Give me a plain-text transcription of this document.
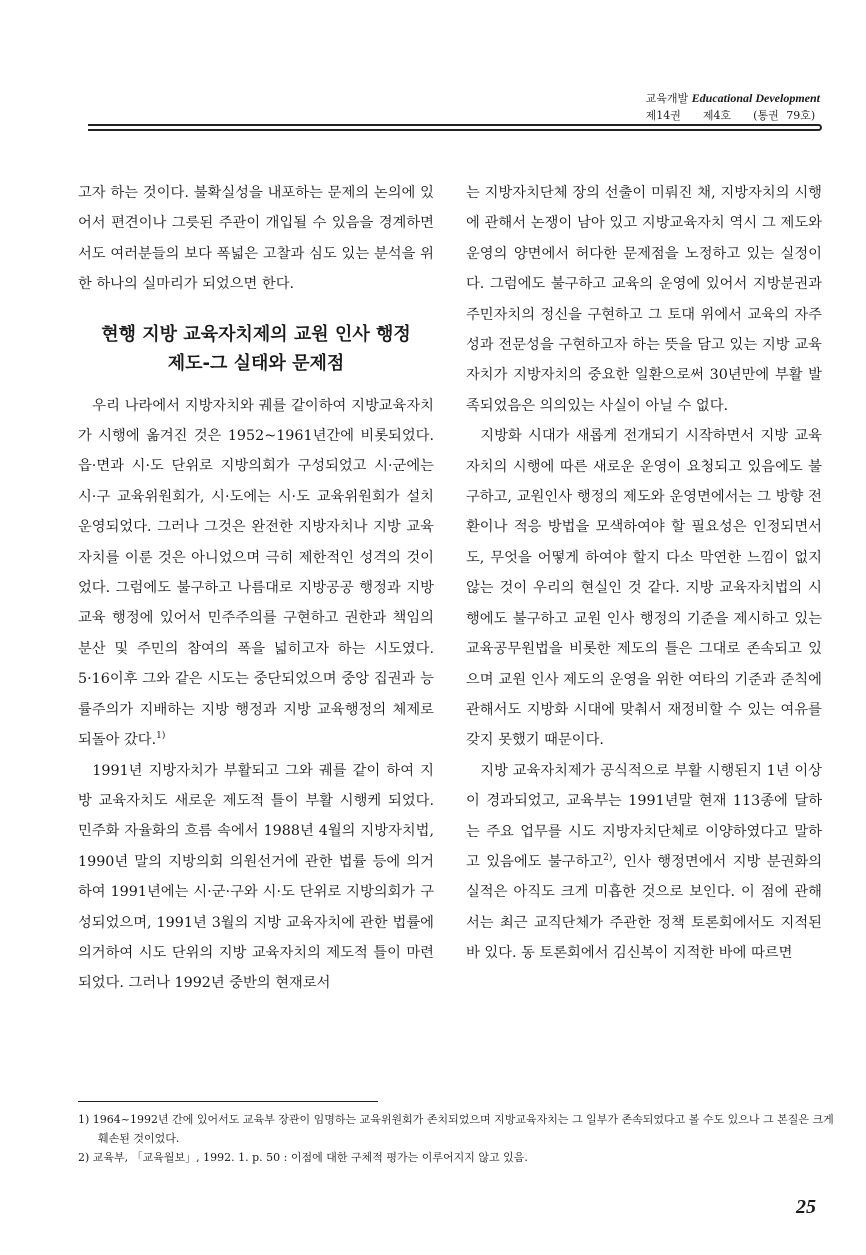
교육개발 Educational Development
제14권 제4호 (통권 79호)

고자 하는 것이다. 불확실성을 내포하는 문제의 논의에 있어서 편견이나 그릇된 주관이 개입될 수 있음을 경계하면서도 여러분들의 보다 폭넓은 고찰과 심도 있는 분석을 위한 하나의 실마리가 되었으면 한다.

현행 지방 교육자치제의 교원 인사 행정
제도-그 실태와 문제점

우리 나라에서 지방자치와 궤를 같이하여 지방교육자치가 시행에 옮겨진 것은 1952~1961년간에 비롯되었다. 읍·면과 시·도 단위로 지방의회가 구성되었고 시·군에는 시·구 교육위원회가, 시·도에는 시·도 교육위원회가 설치 운영되었다. 그러나 그것은 완전한 지방자치나 지방 교육자치를 이룬 것은 아니었으며 극히 제한적인 성격의 것이었다. 그럼에도 불구하고 나름대로 지방공공 행정과 지방 교육 행정에 있어서 민주주의를 구현하고 권한과 책임의 분산 및 주민의 참여의 폭을 넓히고자 하는 시도였다. 5·16이후 그와 같은 시도는 중단되었으며 중앙 집권과 능률주의가 지배하는 지방 행정과 지방 교육행정의 체제로 되돌아 갔다.$^{1)}$

1991년 지방자치가 부활되고 그와 궤를 같이 하여 지방 교육자치도 새로운 제도적 틀이 부활 시행케 되었다. 민주화 자율화의 흐름 속에서 1988년 4월의 지방자치법, 1990년 말의 지방의회 의원선거에 관한 법률 등에 의거하여 1991년에는 시·군·구와 시·도 단위로 지방의회가 구성되었으며, 1991년 3월의 지방 교육자치에 관한 법률에 의거하여 시도 단위의 지방 교육자치의 제도적 틀이 마련되었다. 그러나 1992년 중반의 현재로서

는 지방자치단체 장의 선출이 미뤄진 채, 지방자치의 시행에 관해서 논쟁이 남아 있고 지방교육자치 역시 그 제도와 운영의 양면에서 허다한 문제점을 노정하고 있는 실정이다. 그럼에도 불구하고 교육의 운영에 있어서 지방분권과 주민자치의 정신을 구현하고 그 토대 위에서 교육의 자주성과 전문성을 구현하고자 하는 뜻을 담고 있는 지방 교육자치가 지방자치의 중요한 일환으로써 30년만에 부활 발족되었음은 의의있는 사실이 아닐 수 없다.

지방화 시대가 새롭게 전개되기 시작하면서 지방 교육 자치의 시행에 따른 새로운 운영이 요청되고 있음에도 불구하고, 교원인사 행정의 제도와 운영면에서는 그 방향 전환이나 적응 방법을 모색하여야 할 필요성은 인정되면서도, 무엇을 어떻게 하여야 할지 다소 막연한 느낌이 없지 않는 것이 우리의 현실인 것 같다. 지방 교육자치법의 시행에도 불구하고 교원 인사 행정의 기준을 제시하고 있는 교육공무원법을 비롯한 제도의 틀은 그대로 존속되고 있으며 교원 인사 제도의 운영을 위한 여타의 기준과 준칙에 관해서도 지방화 시대에 맞춰서 재정비할 수 있는 여유를 갖지 못했기 때문이다.

지방 교육자치제가 공식적으로 부활 시행된지 1년 이상이 경과되었고, 교육부는 1991년말 현재 113종에 달하는 주요 업무를 시도 지방자치단체로 이양하였다고 말하고 있음에도 불구하고$^{2)}$, 인사 행정면에서 지방 분권화의 실적은 아직도 크게 미흡한 것으로 보인다. 이 점에 관해서는 최근 교직단체가 주관한 정책 토론회에서도 지적된 바 있다. 동 토론회에서 김신복이 지적한 바에 따르면

1) 1964~1992년 간에 있어서도 교육부 장관이 임명하는 교육위원회가 존치되었으며 지방교육자치는 그 일부가 존속되었다고 볼 수도 있으나 그 본질은 크게 훼손된 것이었다.

2) 교육부, 「교육월보」, 1992. 1. p. 50 : 이점에 대한 구체적 평가는 이루어지지 않고 있음.

25
